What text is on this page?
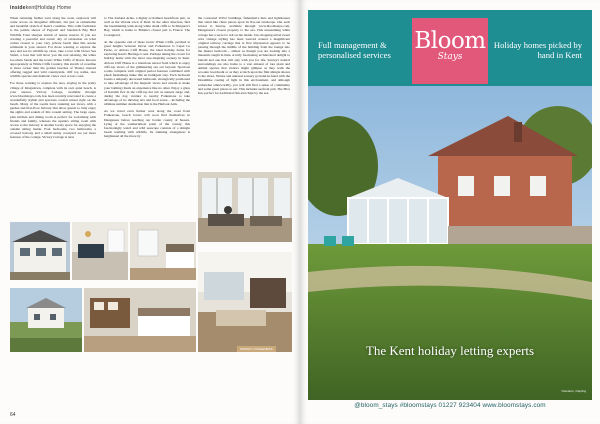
insidekent|Holiday Home

When returning further west along the coast, explorers will come across an altogether different, but just as remarkable and beautiful stretch of Kent's coastline. This calm formation is the pebble shores of Pegwell and Sandwich Bay Bird Wildlife Trust sharpen stretch of nature reserve. If you are creating a peaceful and scenic day of relaxation on what comes closest to your very private beach then this serene saltmarsh is your answer. For those wanting to explore the area and see its wildlife up close, take a tour with Dover Sea Safari, a boat that will show you the real relaxing, the white Goodwin Sands and the iconic White Cliffs of Dover. Known appropriately as White Cliffs Country, this stretch of coastline is more rocker than the golden beaches of Thanet, instead offering rugged and wild countryside, cliff top walks, rare wildlife species and dramatic views over across coast.

For those wanting to explore the area, staying in the pretty village of Kingsdown, complete with its own quiet beach, is your answer. Victory Cottage, available through www.bloomstays.com, has been recently renovated to create a wonderfully stylish and spacious coastal retreat right on the beach. Many of the rooms have stunning sea views, with a garden and first-floor balcony that allow guests to truly enjoy the sights and sounds of this coastal setting. The large open-plan kitchen and dining room is perfect for socialising with friends and family, whereas the upstairs sitting room with access to the balcony is another lovely space for enjoying the outside sitting inside. Four bedrooms, two bathrooms, a covered balcony and a small sunny courtyard are yet more features of the cottage. Victory Cottage is next

to The Zetland Arms, a highly acclaimed beachfront pub, as well as the vibrant town of Deal. In the other direction, find the breathtaking walk along white chalk cliffs to St Margaret's Bay, which is home to Britain's closest pub to France: The Coastguard.

At the opposite end of these iconic White Cliffs, perched at great heights between Dover and Folkestone is Capel Le Ferne, or Abbots Cliff House, the ideal holiday home for exploring Kent's Heritage Coast. Perhaps taking the crown for holiday home with the most awe-inspiring scenery in Kent, Abbots Cliff House is a luxurious retreat from which to enjoy cliff-top views of the glimmering sea out beyond. Spacious rooms complete with original period features combined with plush furnishings make this an indulgent stay. Each bedroom boasts a uniquely decorated bathroom, strategically positioned to take advantage of the majestic views and certain to make your bathing rituals an experience like no other. Enjoy a glass of Kentish fizz in the cliff-top hot tub as sunsets surge and, during the day, venture to nearby Folkestone to take advantage of its thriving arts and food scene – including the ultimate summer destination that is the Harbour Arm.

As we travel even further west along the coast from Folkestone, beach lovers will soon find themselves in Dungeness before reaching our border county of Sussex. Lying at the southernmost point of the county, this fascinatingly weird and wild seascape consists of a shingle beach teeming with wildlife. Its stunning strangeness is heightened all the more by

the converted WW2 buildings, fishermen's huts and lighthouses that stand like chess pieces upon its flat-out landscape. Our such retreat is Sunray, available through www.bloomstays.com, Dungeness's closest property to the sea. This unassuming white cottage has a secret to tell on the inside. Jaw-dropping urban sweet wire vintage styling has been weaved around a magnificent original railway carriage that is first impression appears to be passing through the middle of the building from the lounge into the master bedroom – almost as though you are looking into a museum caught in time. A truly fascinating architectural delight to behold and one that will stay with you for life. Sunray's natural surroundings are also home to a vast amount of rare plant and animal species that visitors might glimpse as they walk the wooden boardwalk or as they scratch upon the flint shingle shores to the shore. Nature and unusual scenery go hand-in-hand with the Dreamlike casting of light in this environment, and although somewhat otherworldly, you will still find a sense of community and some great places to eat. This includes seafront pub, The Pilot Inn, perfect for traditional fish and chips by the sea.

SUNRAY, DUNGENESS
64
Full management & personalised services
Holiday homes picked by hand in Kent
Bloom
Stays
The Kent holiday letting experts
Oxenturn, Ospring
@bloom_stays #bloomstays 01227 923404 www.bloomstays.com
